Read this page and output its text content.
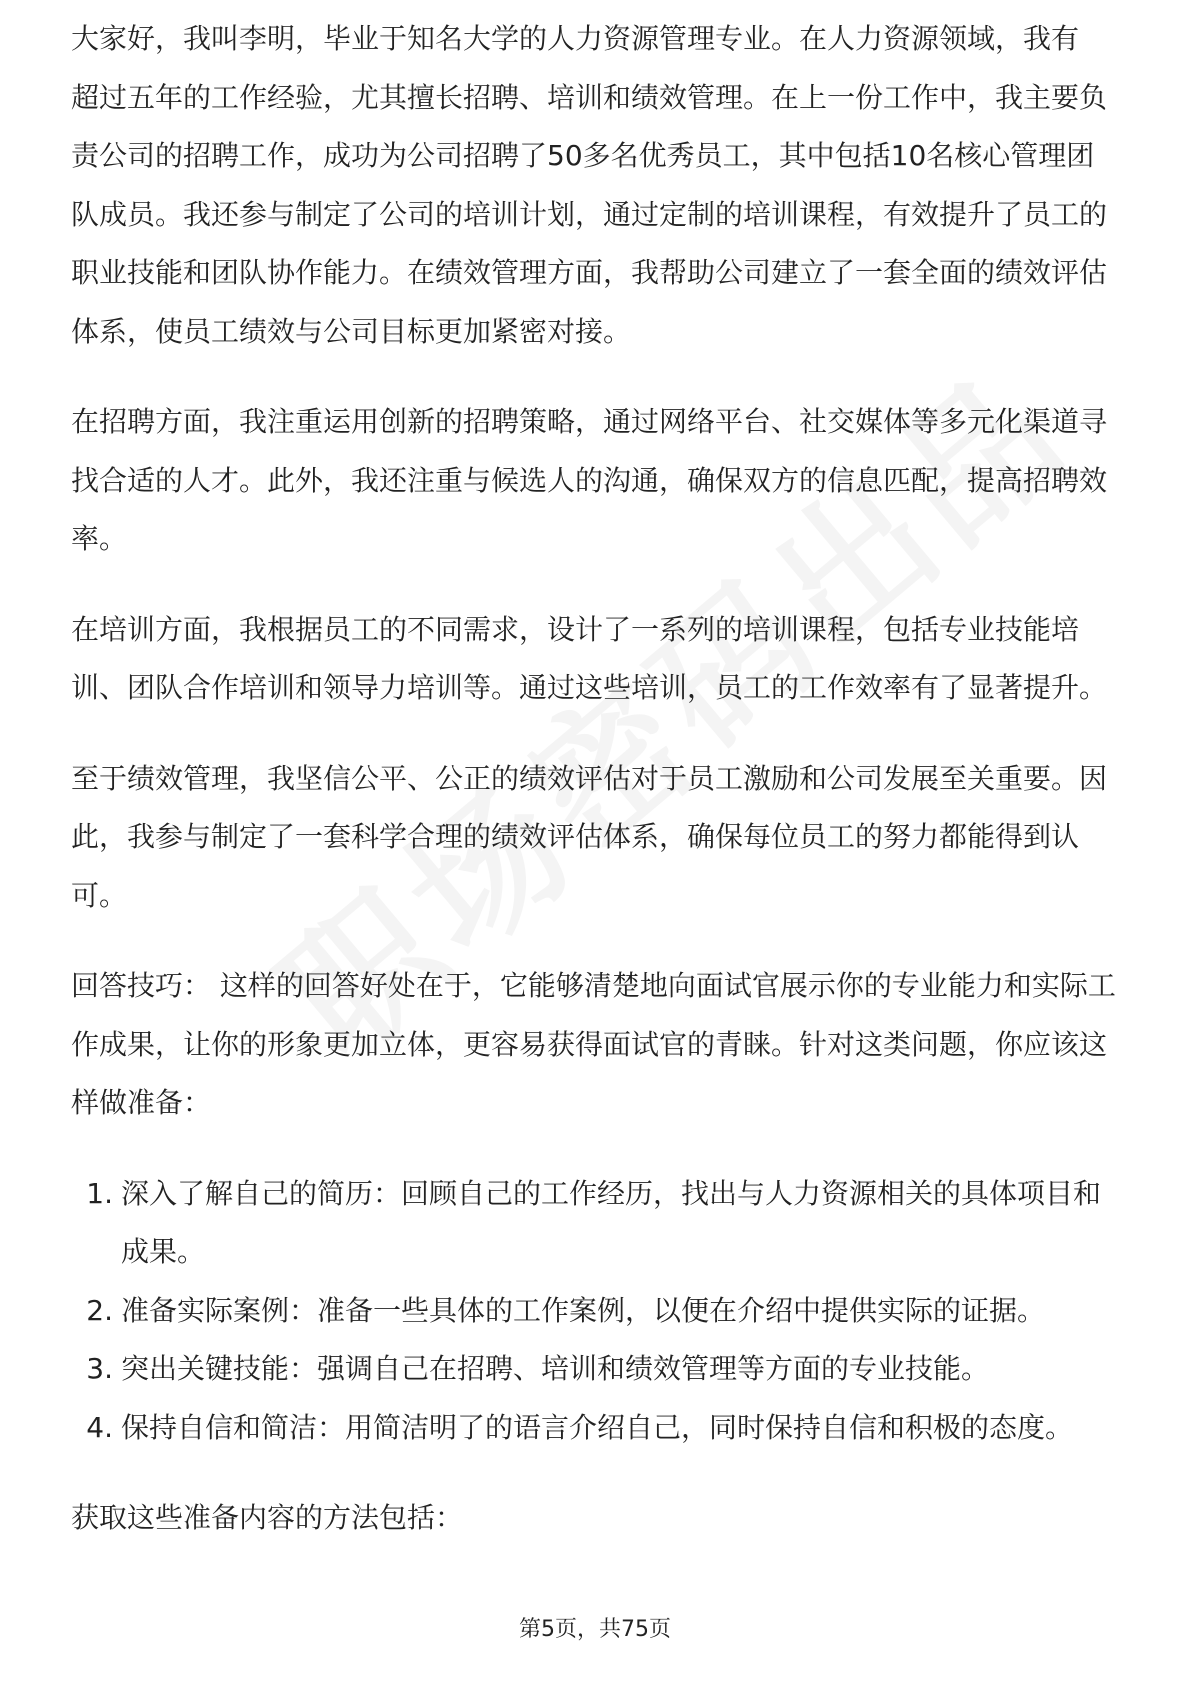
大家好，我叫李明，毕业于知名大学的人力资源管理专业。在人力资源领域，我有

超过五年的工作经验，尤其擅长招聘、培训和绩效管理。在上一份工作中，我主要负责公司的招聘工作，成功为公司招聘了50多名优秀员工，其中包括10名核心管理团队成员。我还参与制定了公司的培训计划，通过定制的培训课程，有效提升了员工的职业技能和团队协作能力。在绩效管理方面，我帮助公司建立了一套全面的绩效评估体系，使员工绩效与公司目标更加紧密对接。

在招聘方面，我注重运用创新的招聘策略，通过网络平台、社交媒体等多元化渠道寻找合适的人才。此外，我还注重与候选人的沟通，确保双方的信息匹配，提高招聘效率。

在培训方面，我根据员工的不同需求，设计了一系列的培训课程，包括专业技能培训、团队合作培训和领导力培训等。通过这些培训，员工的工作效率有了显著提升。

至于绩效管理，我坚信公平、公正的绩效评估对于员工激励和公司发展至关重要。因此，我参与制定了一套科学合理的绩效评估体系，确保每位员工的努力都能得到认可。

回答技巧： 这样的回答好处在于，它能够清楚地向面试官展示你的专业能力和实际工作成果，让你的形象更加立体，更容易获得面试官的青睐。针对这类问题，你应该这样做准备：

1. 深入了解自己的简历：回顾自己的工作经历，找出与人力资源相关的具体项目和成果。
2. 准备实际案例：准备一些具体的工作案例，以便在介绍中提供实际的证据。
3. 突出关键技能：强调自己在招聘、培训和绩效管理等方面的专业技能。
4. 保持自信和简洁：用简洁明了的语言介绍自己，同时保持自信和积极的态度。

获取这些准备内容的方法包括：

第5页，共75页
